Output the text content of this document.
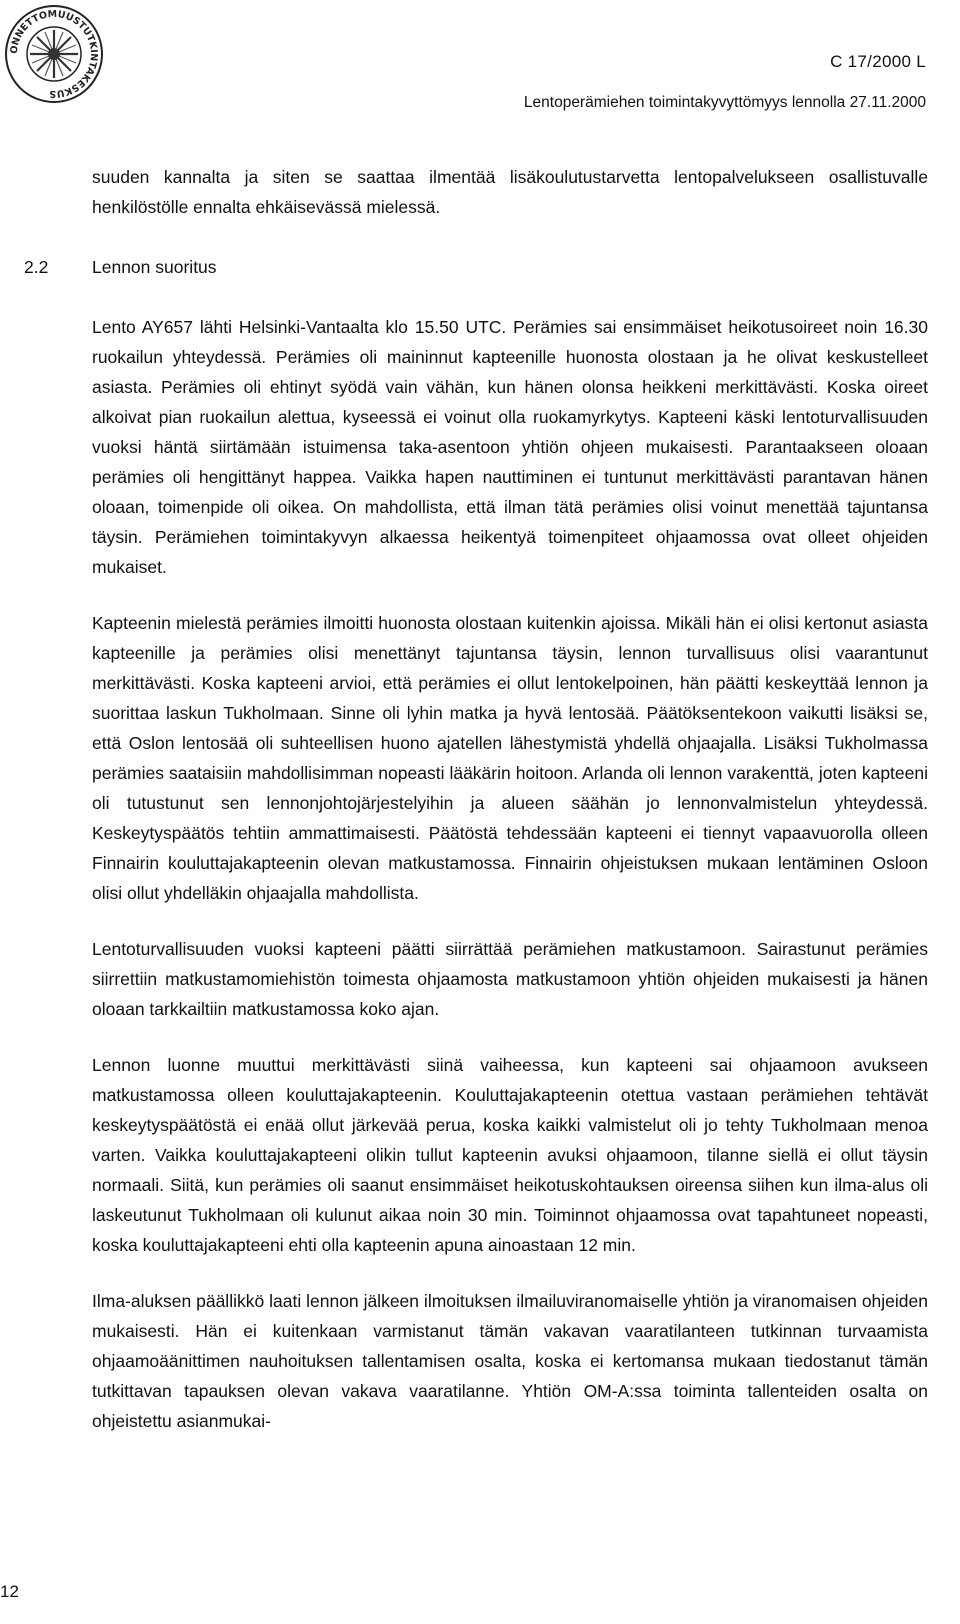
ONNETTOMUUSTUTKINTAKESKUS
C 17/2000 L
Lentoperämiehen toimintakyvyttömyys lennolla 27.11.2000

suuden kannalta ja siten se saattaa ilmentää lisäkoulutustarvetta lentopalvelukseen osallistuvalle henkilöstölle ennalta ehkäisevässä mielessä.

2.2 Lennon suoritus

Lento AY657 lähti Helsinki-Vantaalta klo 15.50 UTC. Perämies sai ensimmäiset heikotusoireet noin 16.30 ruokailun yhteydessä. Perämies oli maininnut kapteenille huonosta olostaan ja he olivat keskustelleet asiasta. Perämies oli ehtinyt syödä vain vähän, kun hänen olonsa heikkeni merkittävästi. Koska oireet alkoivat pian ruokailun alettua, kyseessä ei voinut olla ruokamyrkytys. Kapteeni käski lentoturvallisuuden vuoksi häntä siirtämään istuimensa taka-asentoon yhtiön ohjeen mukaisesti. Parantaakseen oloaan perämies oli hengittänyt happea. Vaikka hapen nauttiminen ei tuntunut merkittävästi parantavan hänen oloaan, toimenpide oli oikea. On mahdollista, että ilman tätä perämies olisi voinut menettää tajuntansa täysin. Perämiehen toimintakyvyn alkaessa heikentyä toimenpiteet ohjaamossa ovat olleet ohjeiden mukaiset.

Kapteenin mielestä perämies ilmoitti huonosta olostaan kuitenkin ajoissa. Mikäli hän ei olisi kertonut asiasta kapteenille ja perämies olisi menettänyt tajuntansa täysin, lennon turvallisuus olisi vaarantunut merkittävästi. Koska kapteeni arvioi, että perämies ei ollut lentokelpoinen, hän päätti keskeyttää lennon ja suorittaa laskun Tukholmaan. Sinne oli lyhin matka ja hyvä lentosää. Päätöksentekoon vaikutti lisäksi se, että Oslon lentosää oli suhteellisen huono ajatellen lähestymistä yhdellä ohjaajalla. Lisäksi Tukholmassa perämies saataisiin mahdollisimman nopeasti lääkärin hoitoon. Arlanda oli lennon varakenttä, joten kapteeni oli tutustunut sen lennonjohtojärjestelyihin ja alueen säähän jo lennonvalmistelun yhteydessä. Keskeytyspäätös tehtiin ammattimaisesti. Päätöstä tehdessään kapteeni ei tiennyt vapaavuorolla olleen Finnairin kouluttajakapteenin olevan matkustamossa. Finnairin ohjeistuksen mukaan lentäminen Osloon olisi ollut yhdelläkin ohjaajalla mahdollista.

Lentoturvallisuuden vuoksi kapteeni päätti siirrättää perämiehen matkustamoon. Sairastunut perämies siirrettiin matkustamomiehistön toimesta ohjaamosta matkustamoon yhtiön ohjeiden mukaisesti ja hänen oloaan tarkkailtiin matkustamossa koko ajan.

Lennon luonne muuttui merkittävästi siinä vaiheessa, kun kapteeni sai ohjaamoon avukseen matkustamossa olleen kouluttajakapteenin. Kouluttajakapteenin otettua vastaan perämiehen tehtävät keskeytyspäätöstä ei enää ollut järkevää perua, koska kaikki valmistelut oli jo tehty Tukholmaan menoa varten. Vaikka kouluttajakapteeni olikin tullut kapteenin avuksi ohjaamoon, tilanne siellä ei ollut täysin normaali. Siitä, kun perämies oli saanut ensimmäiset heikotuskohtauksen oireensa siihen kun ilma-alus oli laskeutunut Tukholmaan oli kulunut aikaa noin 30 min. Toiminnot ohjaamossa ovat tapahtuneet nopeasti, koska kouluttajakapteeni ehti olla kapteenin apuna ainoastaan 12 min.

Ilma-aluksen päällikkö laati lennon jälkeen ilmoituksen ilmailuviranomaiselle yhtiön ja viranomaisen ohjeiden mukaisesti. Hän ei kuitenkaan varmistanut tämän vakavan vaaratilanteen tutkinnan turvaamista ohjaamoäänittimen nauhoituksen tallentamisen osalta, koska ei kertomansa mukaan tiedostanut tämän tutkittavan tapauksen olevan vakava vaaratilanne. Yhtiön OM-A:ssa toiminta tallenteiden osalta on ohjeistettu asianmukai-

12
